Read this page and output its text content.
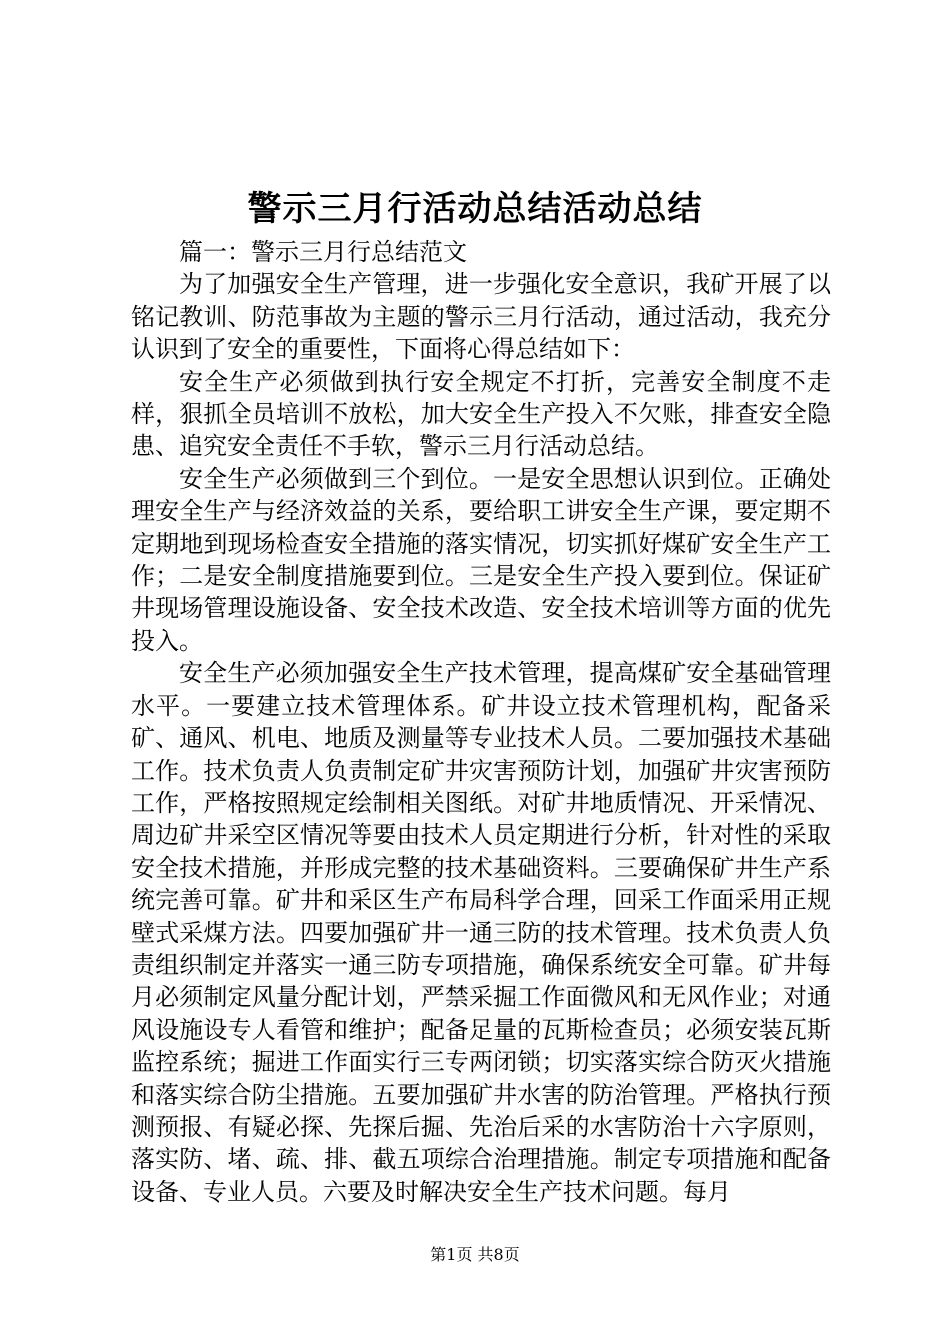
警示三月行活动总结活动总结

篇一：警示三月行总结范文

为了加强安全生产管理，进一步强化安全意识，我矿开展了以铭记教训、防范事故为主题的警示三月行活动，通过活动，我充分认识到了安全的重要性，下面将心得总结如下：

安全生产必须做到执行安全规定不打折，完善安全制度不走样，狠抓全员培训不放松，加大安全生产投入不欠账，排查安全隐患、追究安全责任不手软，警示三月行活动总结。

安全生产必须做到三个到位。一是安全思想认识到位。正确处理安全生产与经济效益的关系，要给职工讲安全生产课，要定期不定期地到现场检查安全措施的落实情况，切实抓好煤矿安全生产工作；二是安全制度措施要到位。三是安全生产投入要到位。保证矿井现场管理设施设备、安全技术改造、安全技术培训等方面的优先投入。

安全生产必须加强安全生产技术管理，提高煤矿安全基础管理水平。一要建立技术管理体系。矿井设立技术管理机构，配备采矿、通风、机电、地质及测量等专业技术人员。二要加强技术基础工作。技术负责人负责制定矿井灾害预防计划，加强矿井灾害预防工作，严格按照规定绘制相关图纸。对矿井地质情况、开采情况、周边矿井采空区情况等要由技术人员定期进行分析，针对性的采取安全技术措施，并形成完整的技术基础资料。三要确保矿井生产系统完善可靠。矿井和采区生产布局科学合理，回采工作面采用正规壁式采煤方法。四要加强矿井一通三防的技术管理。技术负责人负责组织制定并落实一通三防专项措施，确保系统安全可靠。矿井每月必须制定风量分配计划，严禁采掘工作面微风和无风作业；对通风设施设专人看管和维护；配备足量的瓦斯检查员；必须安装瓦斯监控系统；掘进工作面实行三专两闭锁；切实落实综合防灭火措施和落实综合防尘措施。五要加强矿井水害的防治管理。严格执行预测预报、有疑必探、先探后掘、先治后采的水害防治十六字原则，落实防、堵、疏、排、截五项综合治理措施。制定专项措施和配备设备、专业人员。六要及时解决安全生产技术问题。每月

第1页 共8页
